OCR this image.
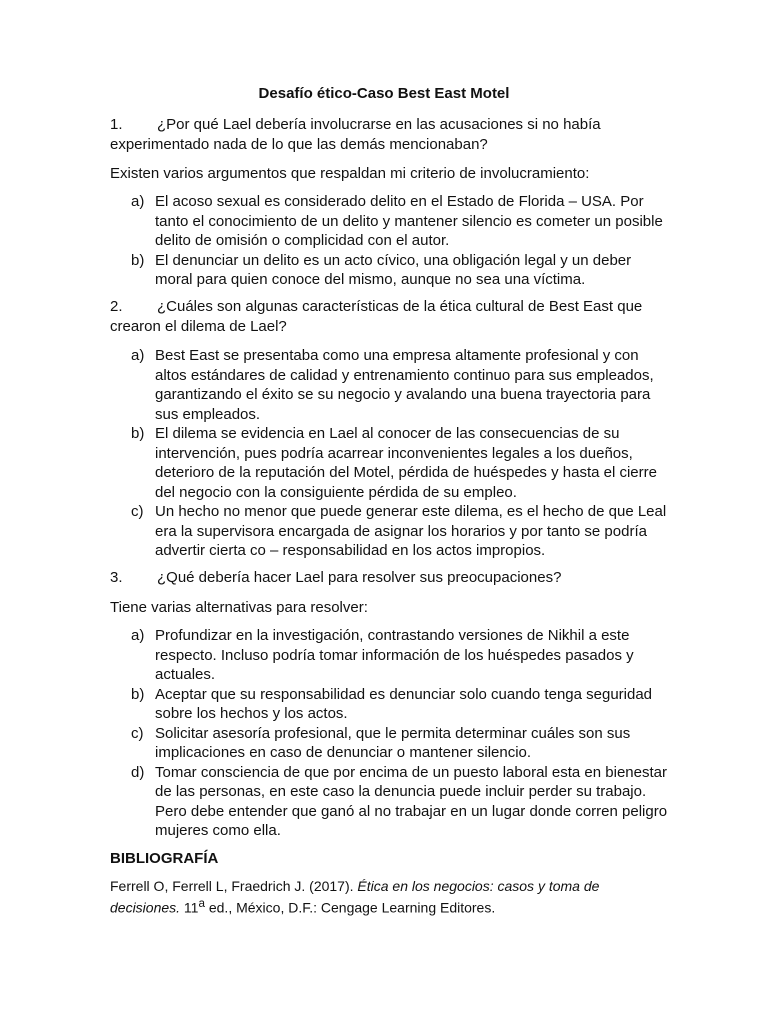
Desafío ético-Caso Best East Motel
1. ¿Por qué Lael debería involucrarse en las acusaciones si no había experimentado nada de lo que las demás mencionaban?
Existen varios argumentos que respaldan mi criterio de involucramiento:
a) El acoso sexual es considerado delito en el Estado de Florida – USA. Por tanto el conocimiento de un delito y mantener silencio es cometer un posible delito de omisión o complicidad con el autor.
b) El denunciar un delito es un acto cívico, una obligación legal y un deber moral para quien conoce del mismo, aunque no sea una víctima.
2. ¿Cuáles son algunas características de la ética cultural de Best East que crearon el dilema de Lael?
a) Best East se presentaba como una empresa altamente profesional y con altos estándares de calidad y entrenamiento continuo para sus empleados, garantizando el éxito se su negocio y avalando una buena trayectoria para sus empleados.
b) El dilema se evidencia en Lael al conocer de las consecuencias de su intervención, pues podría acarrear inconvenientes legales a los dueños, deterioro de la reputación del Motel, pérdida de huéspedes y hasta el cierre del negocio con la consiguiente pérdida de su empleo.
c) Un hecho no menor que puede generar este dilema, es el hecho de que Leal era la supervisora encargada de asignar los horarios y por tanto se podría advertir cierta co – responsabilidad en los actos impropios.
3. ¿Qué debería hacer Lael para resolver sus preocupaciones?
Tiene varias alternativas para resolver:
a) Profundizar en la investigación, contrastando versiones de Nikhil a este respecto. Incluso podría tomar información de los huéspedes pasados y actuales.
b) Aceptar que su responsabilidad es denunciar solo cuando tenga seguridad sobre los hechos y los actos.
c) Solicitar asesoría profesional, que le permita determinar cuáles son sus implicaciones en caso de denunciar o mantener silencio.
d) Tomar consciencia de que por encima de un puesto laboral esta en bienestar de las personas, en este caso la denuncia puede incluir perder su trabajo. Pero debe entender que ganó al no trabajar en un lugar donde corren peligro mujeres como ella.
BIBLIOGRAFÍA
Ferrell O, Ferrell L, Fraedrich J. (2017). Ética en los negocios: casos y toma de decisiones. 11$^a$ ed., México, D.F.: Cengage Learning Editores.
